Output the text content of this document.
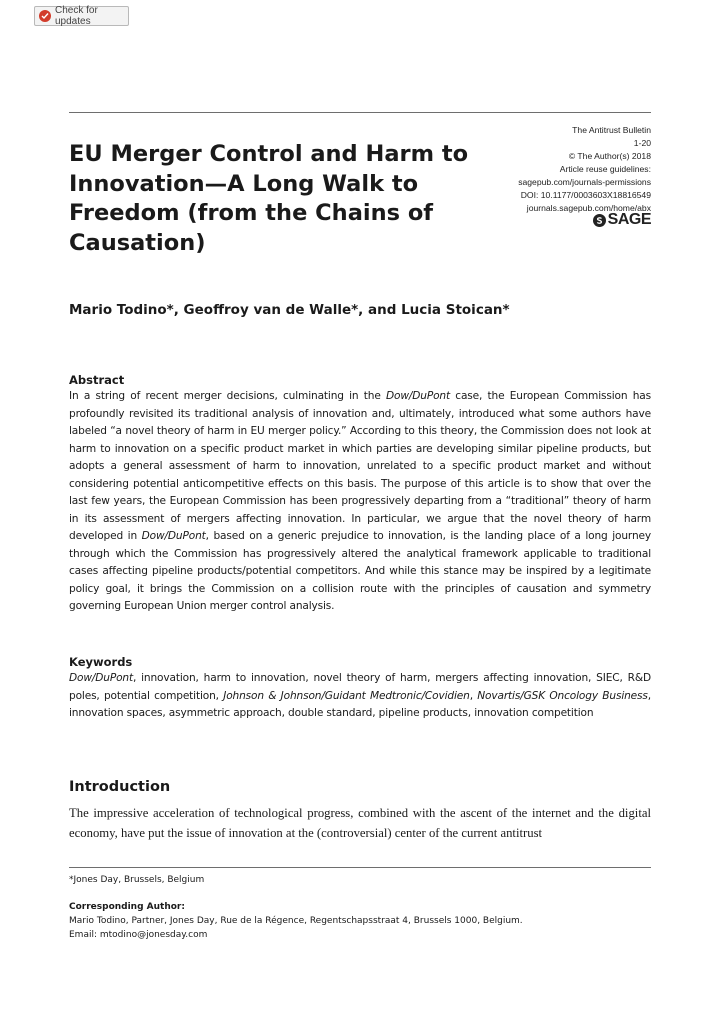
Check for updates
The Antitrust Bulletin
1-20
© The Author(s) 2018
Article reuse guidelines:
sagepub.com/journals-permissions
DOI: 10.1177/0003603X18816549
journals.sagepub.com/home/abx
SAGE
EU Merger Control and Harm to Innovation—A Long Walk to Freedom (from the Chains of Causation)

Mario Todino*, Geoffroy van de Walle*, and Lucia Stoican*

Abstract

In a string of recent merger decisions, culminating in the Dow/DuPont case, the European Commission has profoundly revisited its traditional analysis of innovation and, ultimately, introduced what some authors have labeled “a novel theory of harm in EU merger policy.” According to this theory, the Commission does not look at harm to innovation on a specific product market in which parties are developing similar pipeline products, but adopts a general assessment of harm to innovation, unrelated to a specific product market and without considering potential anticompetitive effects on this basis. The purpose of this article is to show that over the last few years, the European Commission has been progressively departing from a “traditional” theory of harm in its assessment of mergers affecting innovation. In particular, we argue that the novel theory of harm developed in Dow/DuPont, based on a generic prejudice to innovation, is the landing place of a long journey through which the Commission has progressively altered the analytical framework applicable to traditional cases affecting pipeline products/potential competitors. And while this stance may be inspired by a legitimate policy goal, it brings the Commission on a collision route with the principles of causation and symmetry governing European Union merger control analysis.

Keywords

Dow/DuPont, innovation, harm to innovation, novel theory of harm, mergers affecting innovation, SIEC, R&D poles, potential competition, Johnson & Johnson/Guidant Medtronic/Covidien, Novartis/GSK Oncology Business, innovation spaces, asymmetric approach, double standard, pipeline products, innovation competition

Introduction

The impressive acceleration of technological progress, combined with the ascent of the internet and the digital economy, have put the issue of innovation at the (controversial) center of the current antitrust

*Jones Day, Brussels, Belgium

Corresponding Author:

Mario Todino, Partner, Jones Day, Rue de la Régence, Regentschapsstraat 4, Brussels 1000, Belgium.

Email: mtodino@jonesday.com
